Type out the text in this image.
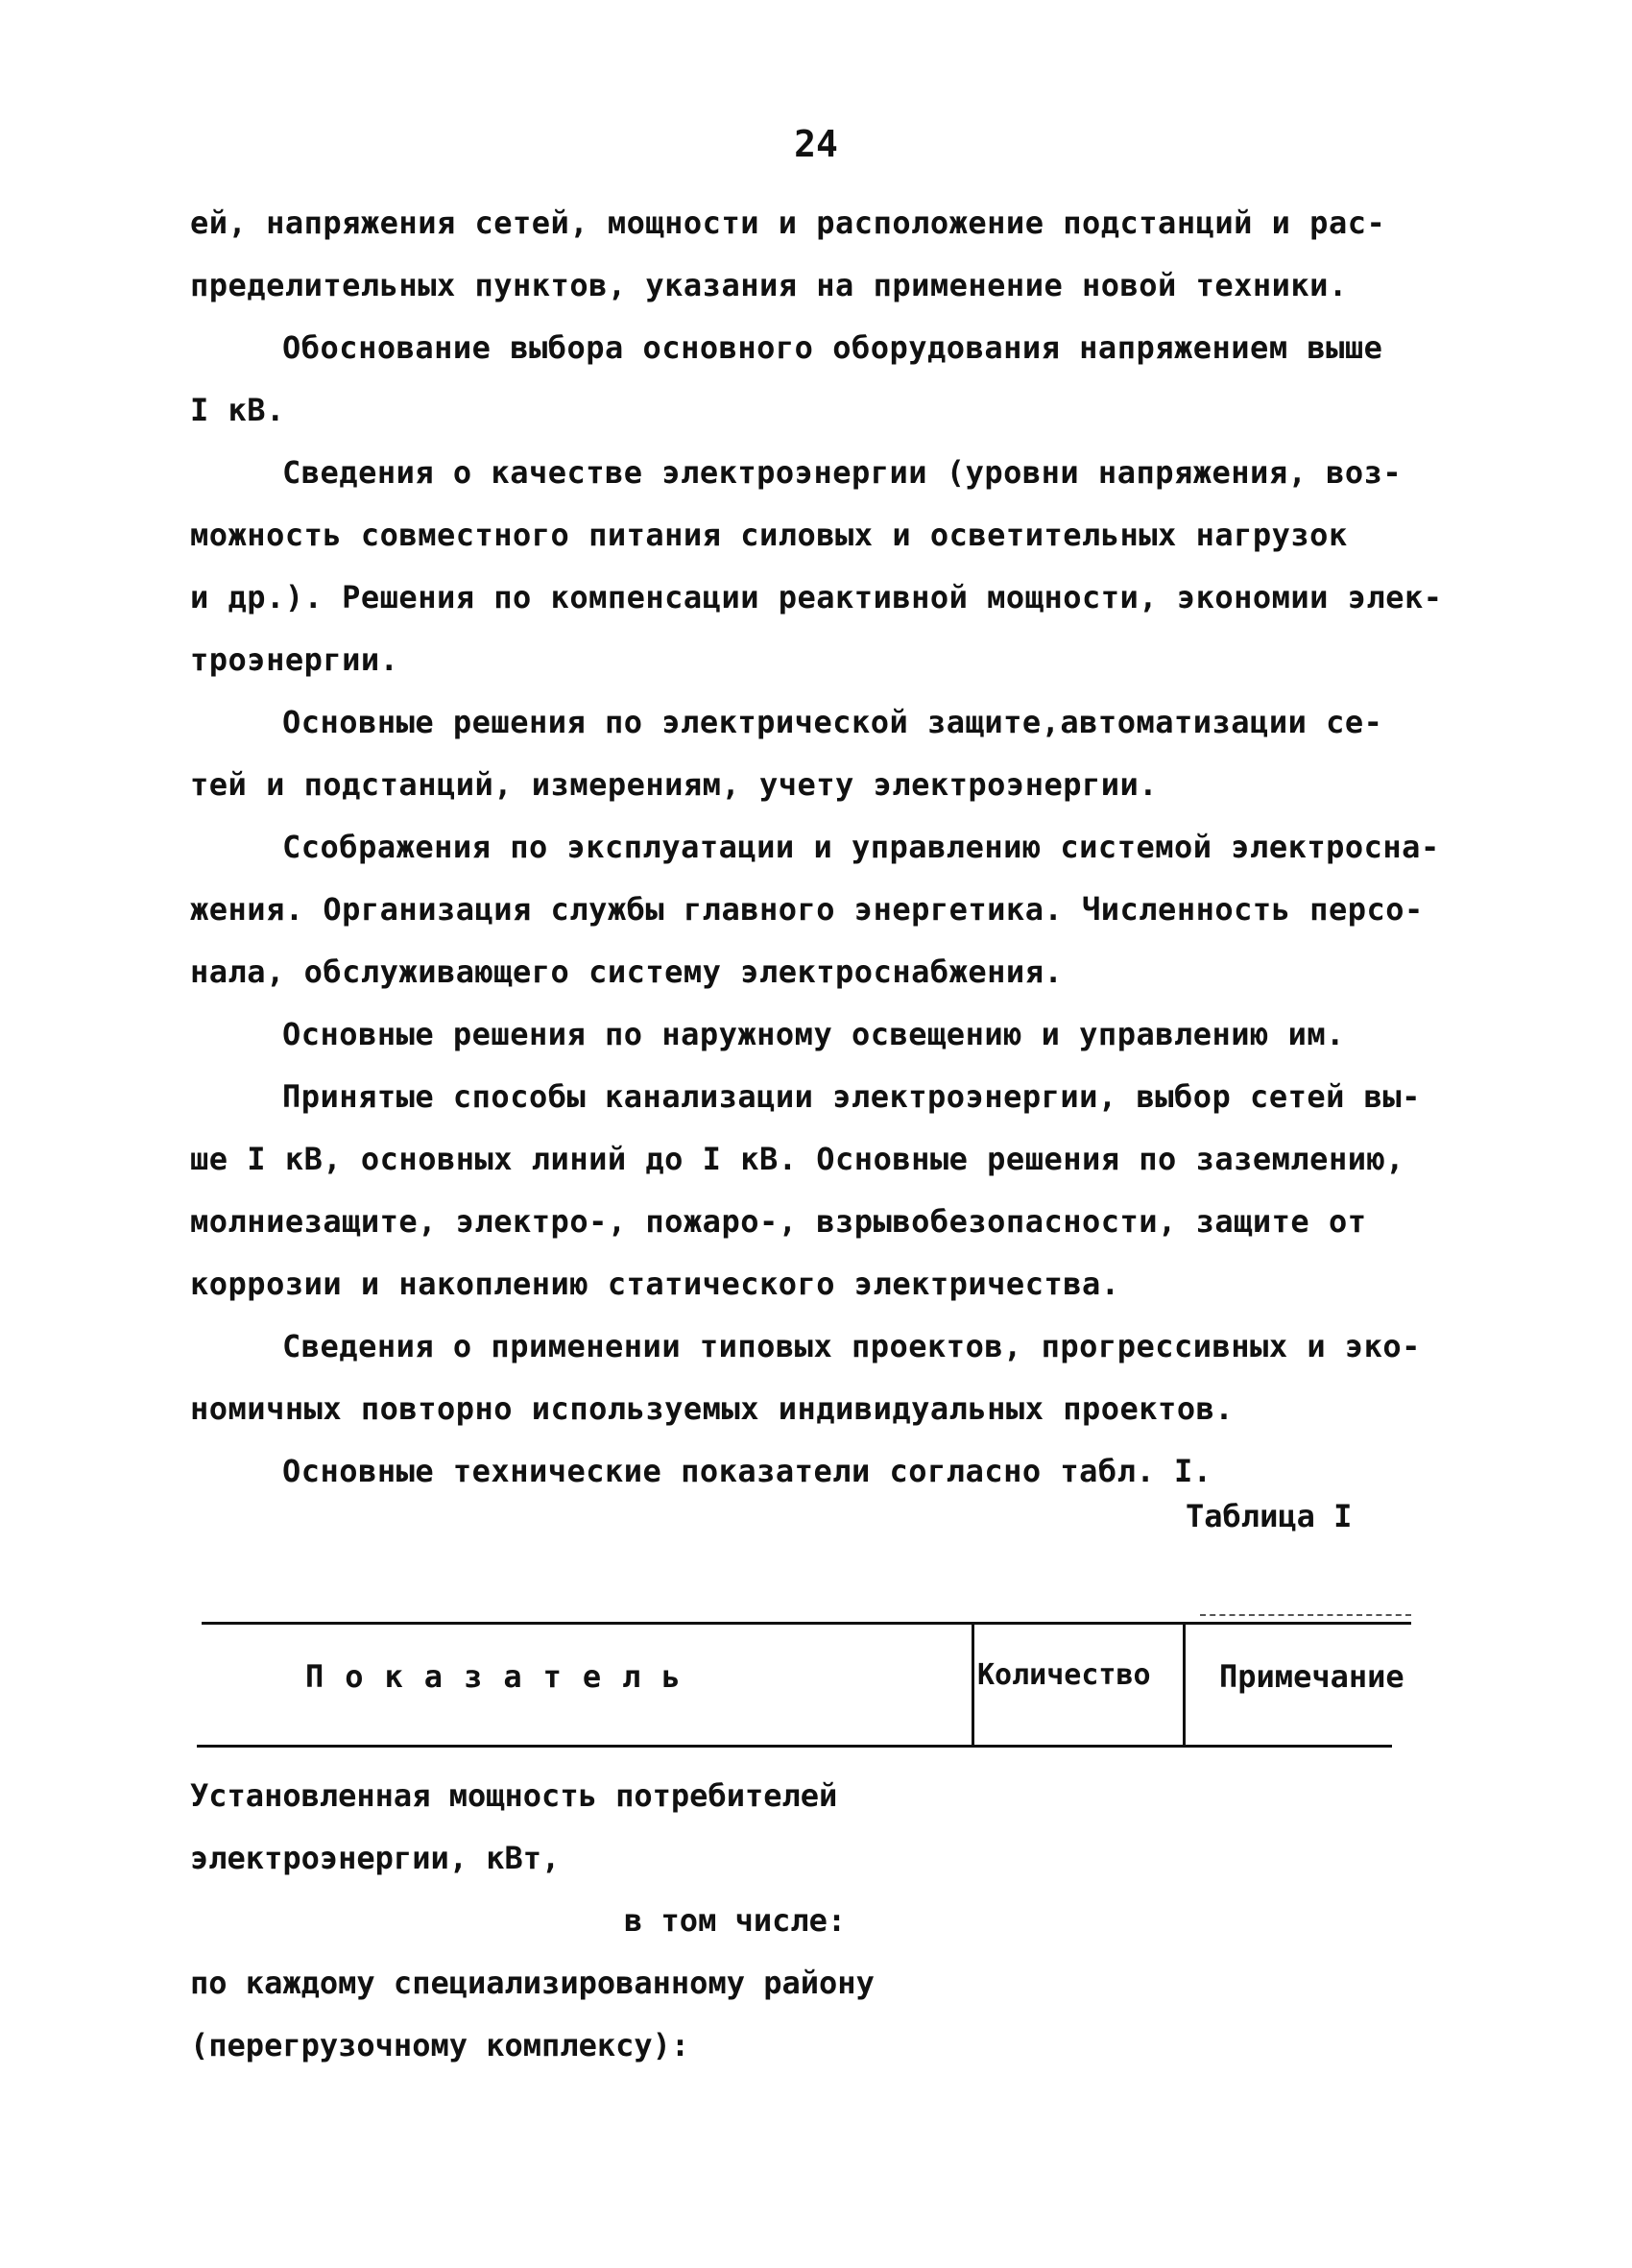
24

ей, напряжения сетей, мощности и расположение подстанций и рас-

пределительных пунктов, указания на применение новой техники.

Обоснование выбора основного оборудования напряжением выше

I кВ.

Сведения о качестве электроэнергии (уровни напряжения, воз-

можность совместного питания силовых и осветительных нагрузок

и др.). Решения по компенсации реактивной мощности, экономии элек-

троэнергии.

Основные решения по электрической защите,автоматизации се-

тей и подстанций, измерениям, учету электроэнергии.

Ссображения по эксплуатации и управлению системой электросна-

жения. Организация службы главного энергетика. Численность персо-

нала, обслуживающего систему электроснабжения.

Основные решения по наружному освещению и управлению им.

Принятые способы канализации электроэнергии, выбор сетей вы-

ше I кВ, основных линий до I кВ. Основные решения по заземлению,

молниезащите, электро-, пожаро-, взрывобезопасности, защите от

коррозии и накоплению статического электричества.

Сведения о применении типовых проектов, прогрессивных и эко-

номичных повторно используемых индивидуальных проектов.

Основные технические показатели согласно табл. I.

Таблица I
Показатель	Количество Примечание

Установленная мощность потребителей

электроэнергии, кВт,

в том числе:

по каждому специализированному району

(перегрузочному комплексу):
